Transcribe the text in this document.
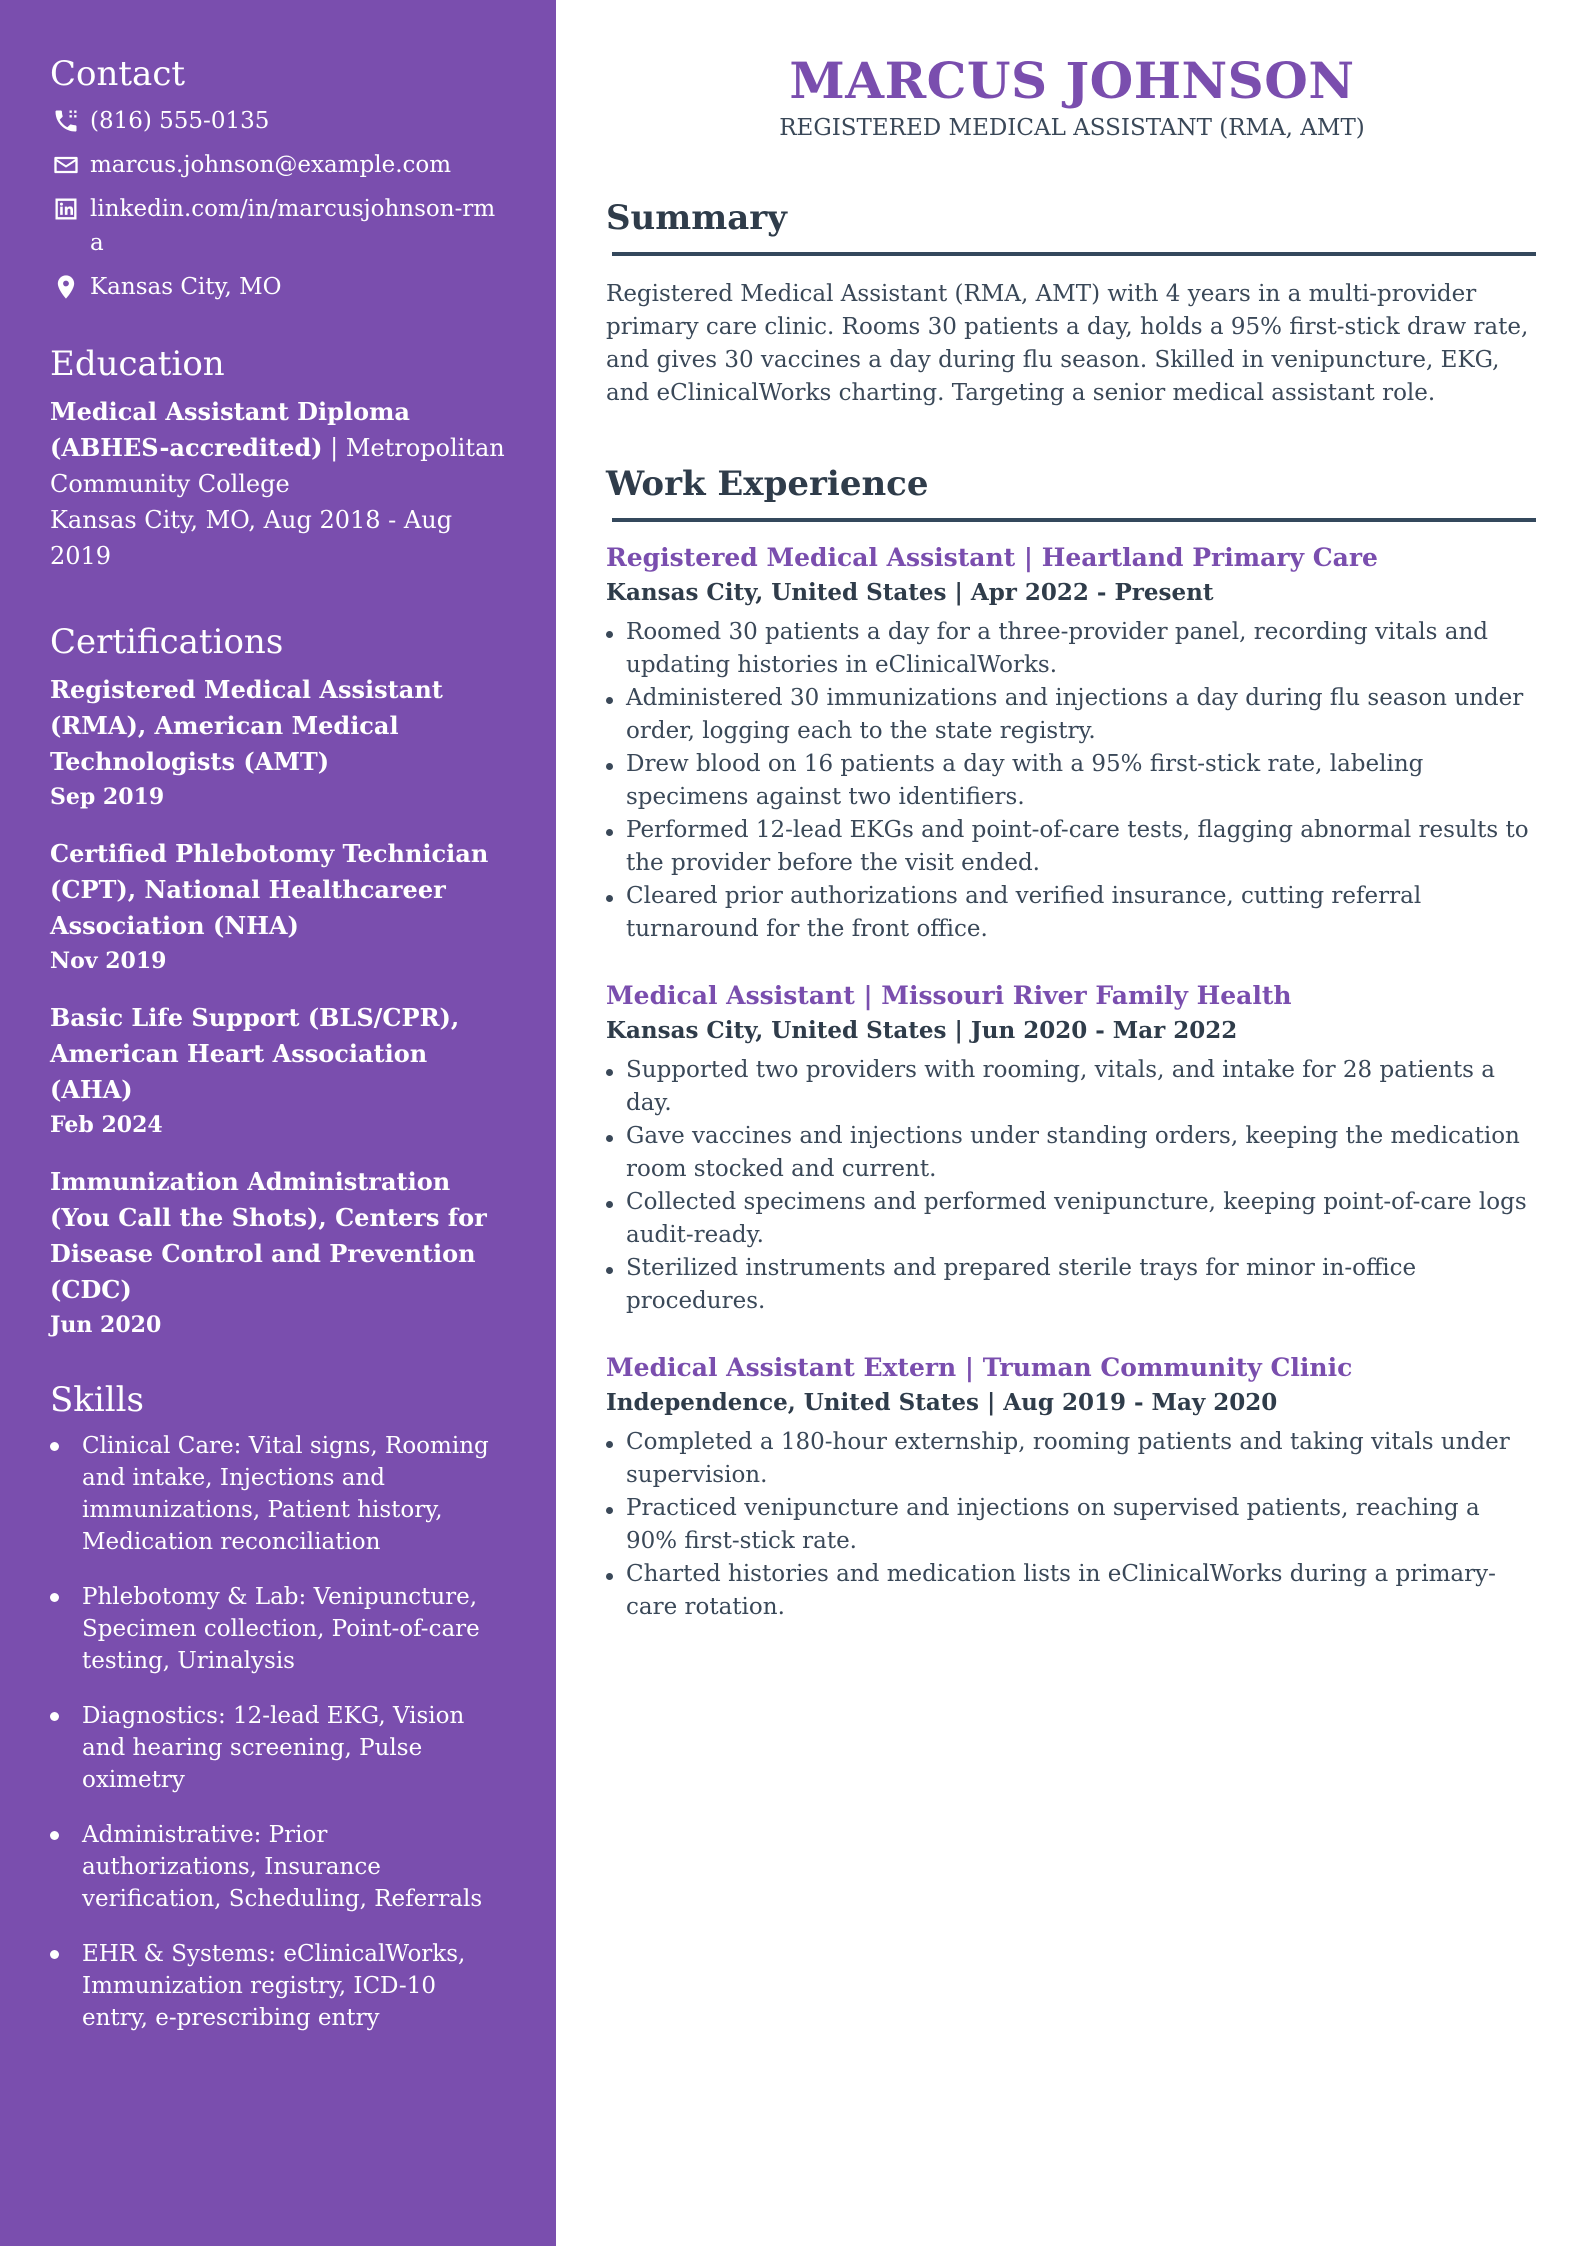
Contact
(816) 555-0135
marcus.johnson@example.com
linkedin.com/in/marcusjohnson-rma
Kansas City, MO
Education
Medical Assistant Diploma (ABHES-accredited) | Metropolitan Community College
Kansas City, MO, Aug 2018 - Aug 2019
Certifications
Registered Medical Assistant (RMA), American Medical Technologists (AMT)
Sep 2019
Certified Phlebotomy Technician (CPT), National Healthcareer Association (NHA)
Nov 2019
Basic Life Support (BLS/CPR), American Heart Association (AHA)
Feb 2024
Immunization Administration (You Call the Shots), Centers for Disease Control and Prevention (CDC)
Jun 2020
Skills
Clinical Care: Vital signs, Rooming and intake, Injections and immunizations, Patient history, Medication reconciliation
Phlebotomy & Lab: Venipuncture, Specimen collection, Point-of-care testing, Urinalysis
Diagnostics: 12-lead EKG, Vision and hearing screening, Pulse oximetry
Administrative: Prior authorizations, Insurance verification, Scheduling, Referrals
EHR & Systems: eClinicalWorks, Immunization registry, ICD-10 entry, e-prescribing entry
MARCUS JOHNSON
REGISTERED MEDICAL ASSISTANT (RMA, AMT)
Summary

Registered Medical Assistant (RMA, AMT) with 4 years in a multi-provider primary care clinic. Rooms 30 patients a day, holds a 95% first-stick draw rate, and gives 30 vaccines a day during flu season. Skilled in venipuncture, EKG, and eClinicalWorks charting. Targeting a senior medical assistant role.

Work Experience
Registered Medical Assistant | Heartland Primary Care
Kansas City, United States | Apr 2022 - Present
Roomed 30 patients a day for a three-provider panel, recording vitals and updating histories in eClinicalWorks.
Administered 30 immunizations and injections a day during flu season under order, logging each to the state registry.
Drew blood on 16 patients a day with a 95% first-stick rate, labeling specimens against two identifiers.
Performed 12-lead EKGs and point-of-care tests, flagging abnormal results to the provider before the visit ended.
Cleared prior authorizations and verified insurance, cutting referral turnaround for the front office.
Medical Assistant | Missouri River Family Health
Kansas City, United States | Jun 2020 - Mar 2022
Supported two providers with rooming, vitals, and intake for 28 patients a day.
Gave vaccines and injections under standing orders, keeping the medication room stocked and current.
Collected specimens and performed venipuncture, keeping point-of-care logs audit-ready.
Sterilized instruments and prepared sterile trays for minor in-office procedures.
Medical Assistant Extern | Truman Community Clinic
Independence, United States | Aug 2019 - May 2020
Completed a 180-hour externship, rooming patients and taking vitals under supervision.
Practiced venipuncture and injections on supervised patients, reaching a 90% first-stick rate.
Charted histories and medication lists in eClinicalWorks during a primary-care rotation.
